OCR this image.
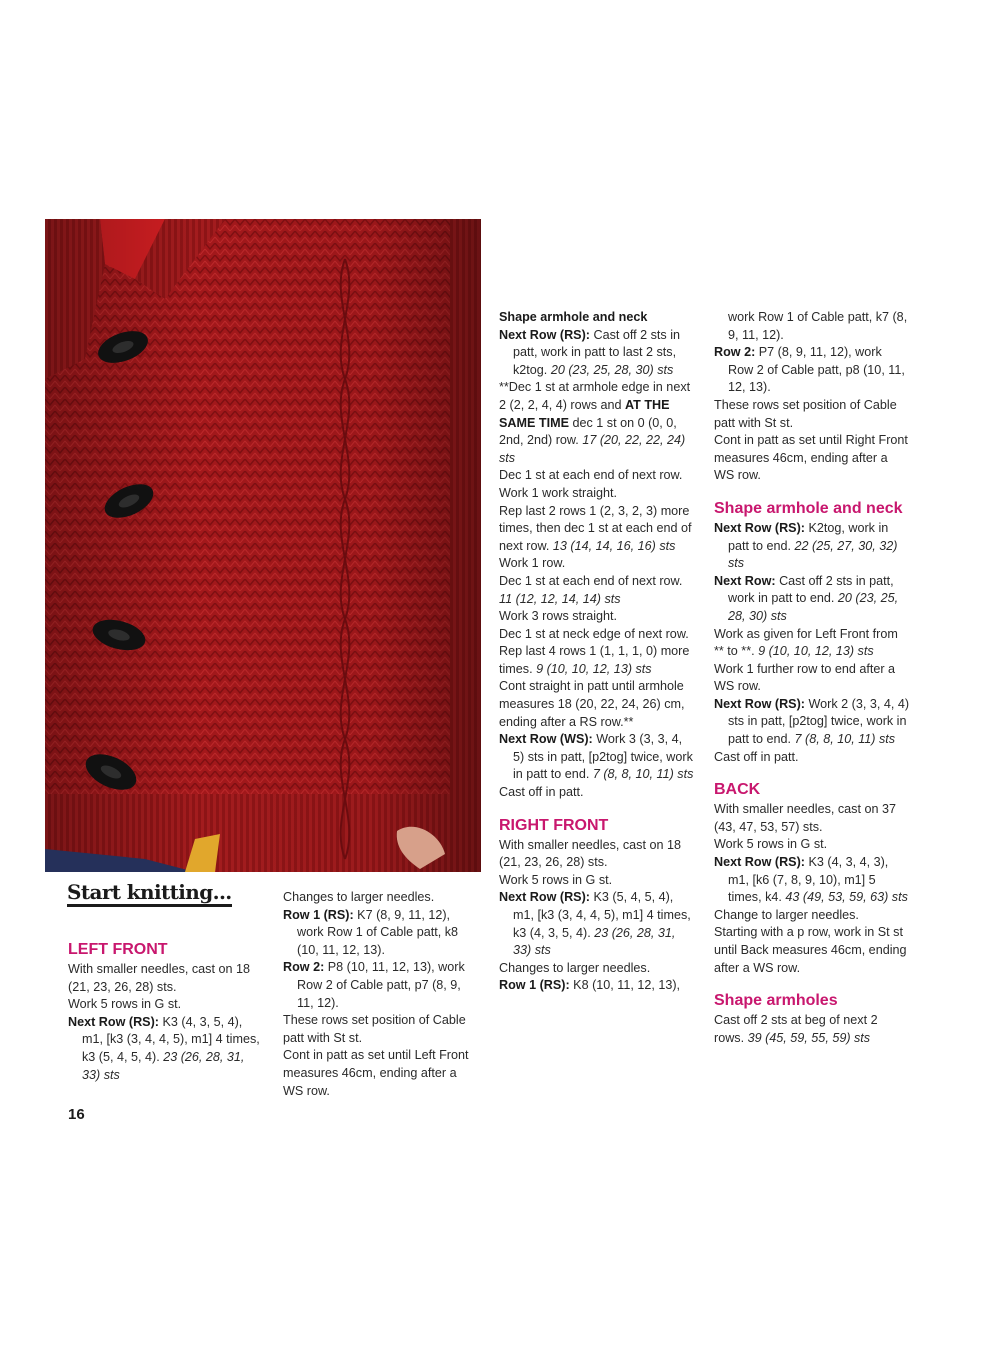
Start knitting...

LEFT FRONT

With smaller needles, cast on 18 (21, 23, 26, 28) sts.

Work 5 rows in G st.

Next Row (RS): K3 (4, 3, 5, 4), m1, [k3 (3, 4, 4, 5), m1] 4 times, k3 (5, 4, 5, 4). 23 (26, 28, 31, 33) sts

Changes to larger needles.

Row 1 (RS): K7 (8, 9, 11, 12), work Row 1 of Cable patt, k8 (10, 11, 12, 13).

Row 2: P8 (10, 11, 12, 13), work Row 2 of Cable patt, p7 (8, 9, 11, 12).

These rows set position of Cable patt with St st.

Cont in patt as set until Left Front measures 46cm, ending after a WS row.

Shape armhole and neck

Next Row (RS): Cast off 2 sts in patt, work in patt to last 2 sts, k2tog. 20 (23, 25, 28, 30) sts

**Dec 1 st at armhole edge in next 2 (2, 2, 4, 4) rows and AT THE SAME TIME dec 1 st on 0 (0, 0, 2nd, 2nd) row. 17 (20, 22, 22, 24) sts

Dec 1 st at each end of next row.

Work 1 work straight.

Rep last 2 rows 1 (2, 3, 2, 3) more times, then dec 1 st at each end of next row. 13 (14, 14, 16, 16) sts

Work 1 row.

Dec 1 st at each end of next row. 11 (12, 12, 14, 14) sts

Work 3 rows straight.

Dec 1 st at neck edge of next row.

Rep last 4 rows 1 (1, 1, 1, 0) more times. 9 (10, 10, 12, 13) sts

Cont straight in patt until armhole measures 18 (20, 22, 24, 26) cm, ending after a RS row.**

Next Row (WS): Work 3 (3, 3, 4, 5) sts in patt, [p2tog] twice, work in patt to end. 7 (8, 8, 10, 11) sts

Cast off in patt.

RIGHT FRONT

With smaller needles, cast on 18 (21, 23, 26, 28) sts.

Work 5 rows in G st.

Next Row (RS): K3 (5, 4, 5, 4), m1, [k3 (3, 4, 4, 5), m1] 4 times, k3 (4, 3, 5, 4). 23 (26, 28, 31, 33) sts

Changes to larger needles.

Row 1 (RS): K8 (10, 11, 12, 13),

work Row 1 of Cable patt, k7 (8, 9, 11, 12).

Row 2: P7 (8, 9, 11, 12), work Row 2 of Cable patt, p8 (10, 11, 12, 13).

These rows set position of Cable patt with St st.

Cont in patt as set until Right Front measures 46cm, ending after a WS row.

Shape armhole and neck

Next Row (RS): K2tog, work in patt to end. 22 (25, 27, 30, 32) sts

Next Row: Cast off 2 sts in patt, work in patt to end. 20 (23, 25, 28, 30) sts

Work as given for Left Front from ** to **. 9 (10, 10, 12, 13) sts

Work 1 further row to end after a WS row.

Next Row (RS): Work 2 (3, 3, 4, 4) sts in patt, [p2tog] twice, work in patt to end. 7 (8, 8, 10, 11) sts

Cast off in patt.

BACK

With smaller needles, cast on 37 (43, 47, 53, 57) sts.

Work 5 rows in G st.

Next Row (RS): K3 (4, 3, 4, 3), m1, [k6 (7, 8, 9, 10), m1] 5 times, k4. 43 (49, 53, 59, 63) sts

Change to larger needles.

Starting with a p row, work in St st until Back measures 46cm, ending after a WS row.

Shape armholes

Cast off 2 sts at beg of next 2 rows. 39 (45, 59, 55, 59) sts

16
